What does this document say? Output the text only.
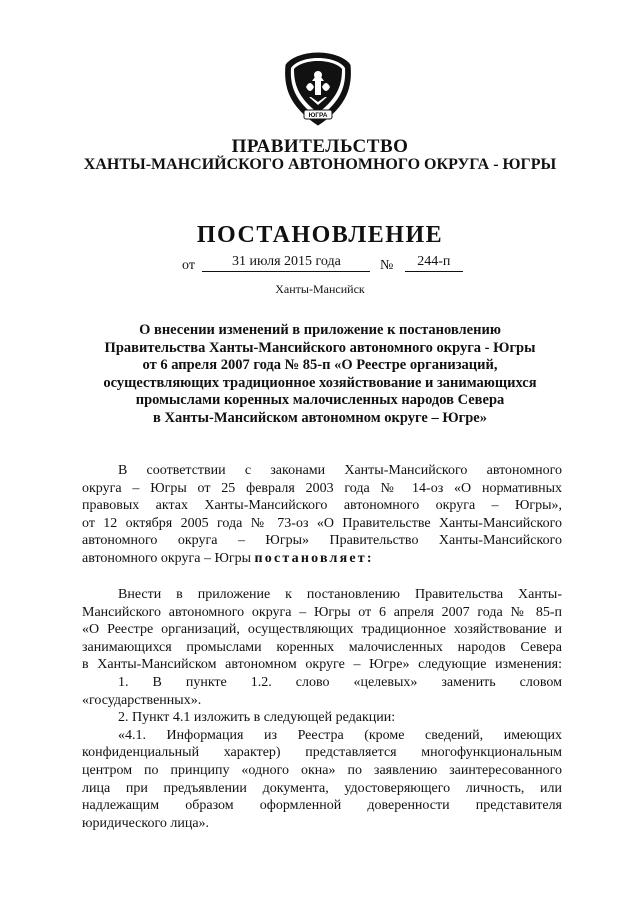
ЮГРА
ПРАВИТЕЛЬСТВО
ХАНТЫ-МАНСИЙСКОГО АВТОНОМНОГО ОКРУГА - ЮГРЫ
ПОСТАНОВЛЕНИЕ
от	31 июля 2015 года	№ 244-п
Ханты-Мансийск
О внесении изменений в приложение к постановлению
Правительства Ханты-Мансийского автономного округа - Югры
от 6 апреля 2007 года № 85-п «О Реестре организаций,
осуществляющих традиционное хозяйствование и занимающихся
промыслами коренных малочисленных народов Севера
в Ханты-Мансийском автономном округе – Югре»
В соответствии с законами Ханты-Мансийского автономного
округа – Югры от 25 февраля 2003 года № 14-оз «О нормативных
правовых актах Ханты-Мансийского автономного округа – Югры»,
от 12 октября 2005 года № 73-оз «О Правительстве Ханты-Мансийского
автономного округа – Югры» Правительство Ханты-Мансийского
автономного округа – Югры постановляет:
Внести в приложение к постановлению Правительства Ханты-
Мансийского автономного округа – Югры от 6 апреля 2007 года № 85-п
«О Реестре организаций, осуществляющих традиционное хозяйствование и
занимающихся промыслами коренных малочисленных народов Севера
в Ханты-Мансийском автономном округе – Югре» следующие изменения:
1. В пункте 1.2. слово «целевых» заменить словом
«государственных».
2. Пункт 4.1 изложить в следующей редакции:
«4.1. Информация из Реестра (кроме сведений, имеющих
конфиденциальный характер) представляется многофункциональным
центром по принципу «одного окна» по заявлению заинтересованного
лица при предъявлении документа, удостоверяющего личность, или
надлежащим образом оформленной доверенности представителя
юридического лица».
